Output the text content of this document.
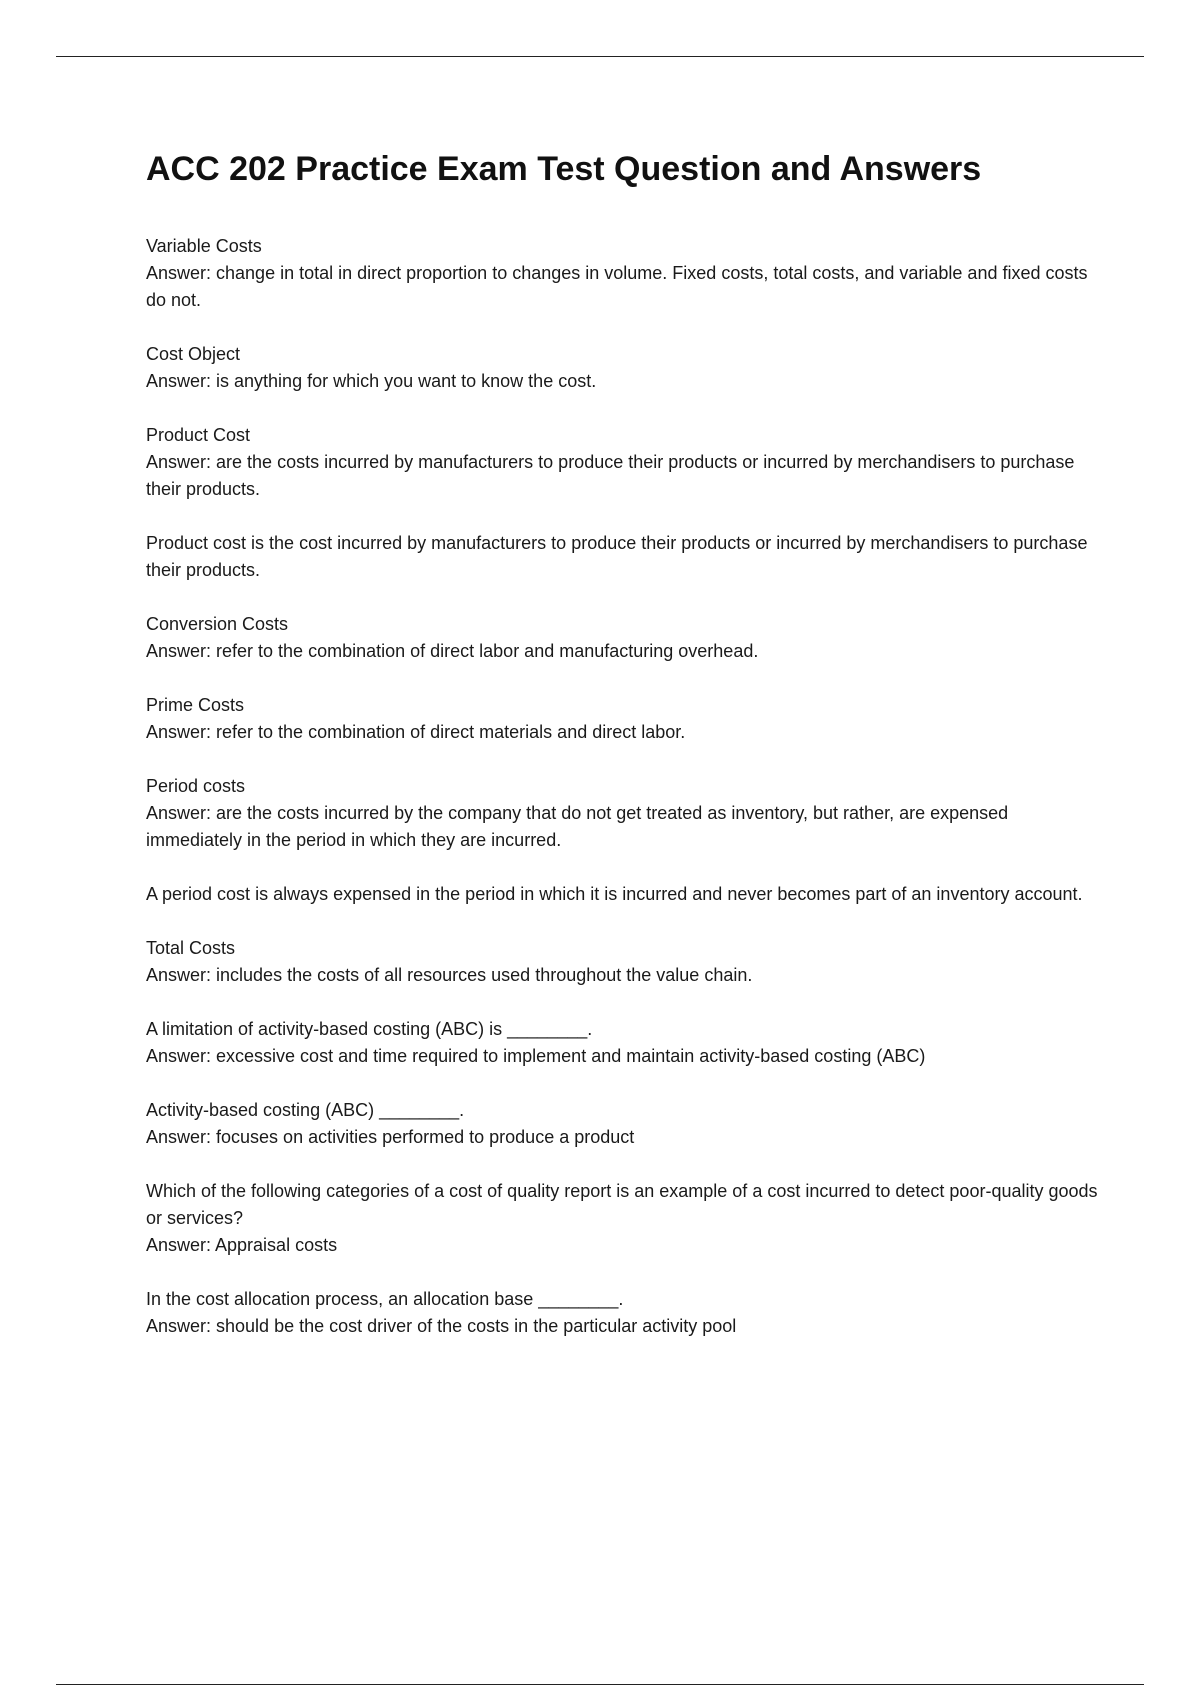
ACC 202 Practice Exam Test Question and Answers

Variable Costs

Answer: change in total in direct proportion to changes in volume. Fixed costs, total costs, and variable and fixed costs do not.

Cost Object

Answer: is anything for which you want to know the cost.

Product Cost

Answer: are the costs incurred by manufacturers to produce their products or incurred by merchandisers to purchase their products.

Product cost is the cost incurred by manufacturers to produce their products or incurred by merchandisers to purchase their products.

Conversion Costs

Answer: refer to the combination of direct labor and manufacturing overhead.

Prime Costs

Answer: refer to the combination of direct materials and direct labor.

Period costs

Answer: are the costs incurred by the company that do not get treated as inventory, but rather, are expensed immediately in the period in which they are incurred.

A period cost is always expensed in the period in which it is incurred and never becomes part of an inventory account.

Total Costs

Answer: includes the costs of all resources used throughout the value chain.

A limitation of activity-based costing (ABC) is ________.

Answer: excessive cost and time required to implement and maintain activity-based costing (ABC)

Activity-based costing (ABC) ________.

Answer: focuses on activities performed to produce a product

Which of the following categories of a cost of quality report is an example of a cost incurred to detect poor-quality goods or services?

Answer: Appraisal costs

In the cost allocation process, an allocation base ________.

Answer: should be the cost driver of the costs in the particular activity pool
